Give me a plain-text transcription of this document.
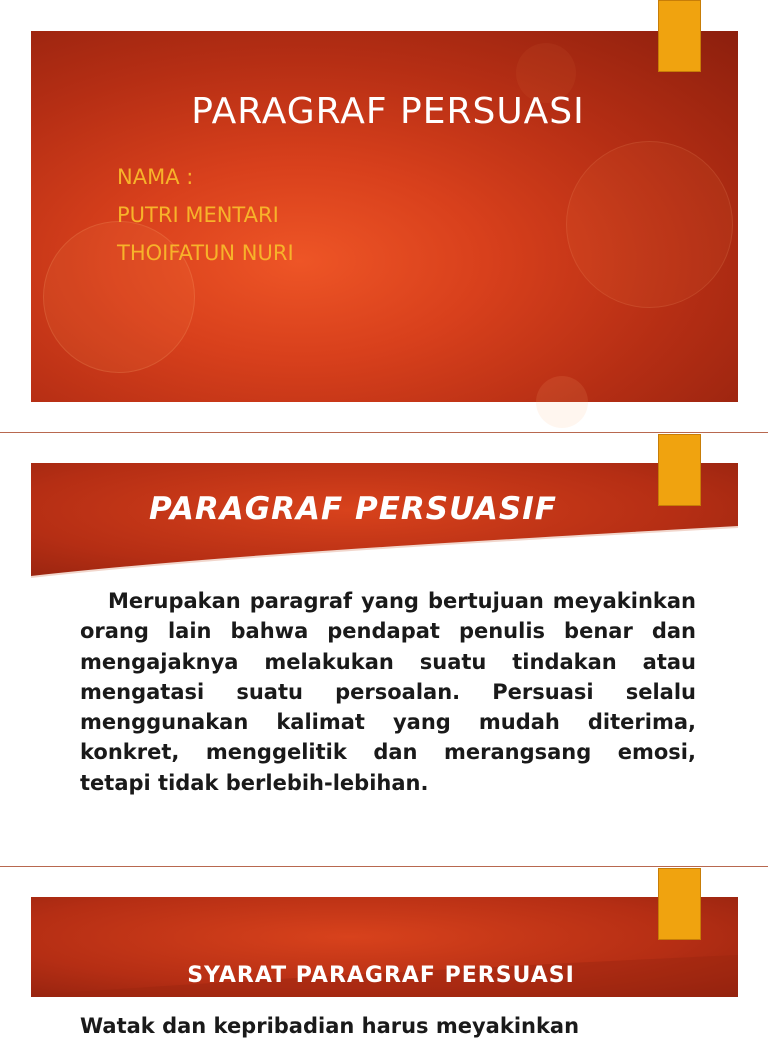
PARAGRAF PERSUASI
NAMA :
PUTRI MENTARI
THOIFATUN NURI
PARAGRAF PERSUASIF
Merupakan paragraf yang bertujuan meyakinkan orang lain bahwa pendapat penulis benar dan mengajaknya melakukan suatu tindakan atau mengatasi suatu persoalan. Persuasi selalu menggunakan kalimat yang mudah diterima, konkret, menggelitik dan merangsang emosi, tetapi tidak berlebih-lebihan.
SYARAT PARAGRAF PERSUASI
Watak dan kepribadian harus meyakinkan
